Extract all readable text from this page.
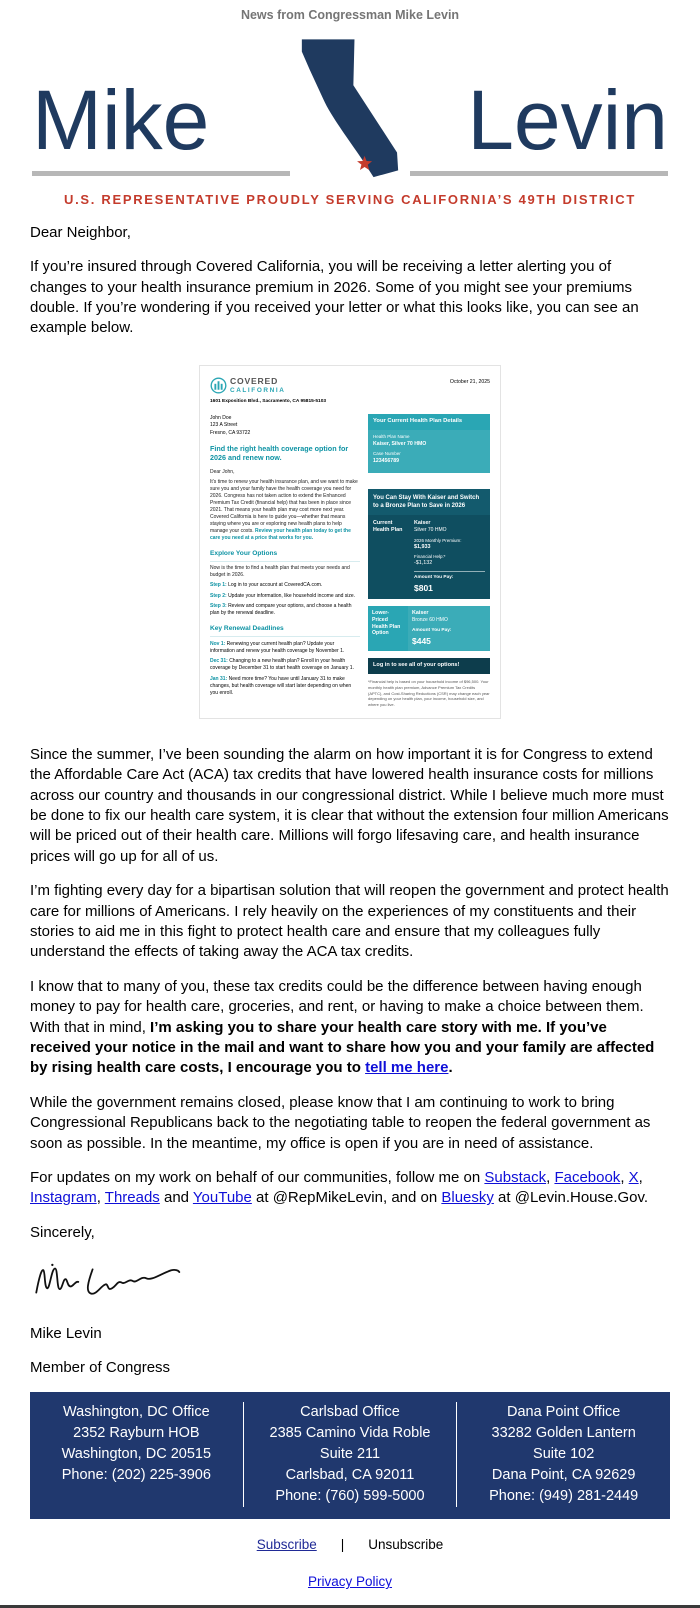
News from Congressman Mike Levin
Mike	Levin
U.S. REPRESENTATIVE PROUDLY SERVING CALIFORNIA’S 49TH DISTRICT

Dear Neighbor,

If you’re insured through Covered California, you will be receiving a letter alerting you of changes to your health insurance premium in 2026. Some of you might see your premiums double. If you’re wondering if you received your letter or what this looks like, you can see an example below.

COVERED
CALIFORNIA
October 21, 2025
1601 Exposition Blvd., Sacramento, CA 95815-5103
John Doe
123 A Street
Fresno, CA 93722
Find the right health coverage option for 2026 and renew now.
Dear John,
It’s time to renew your health insurance plan, and we want to make sure you and your family have the health coverage you need for 2026. Congress has not taken action to extend the Enhanced Premium Tax Credit (financial help) that has been in place since 2021. That means your health plan may cost more next year. Covered California is here to guide you—whether that means staying where you are or exploring new health plans to help manage your costs. Review your health plan today to get the care you need at a price that works for you.
Explore Your Options
Now is the time to find a health plan that meets your needs and budget in 2026.
Step 1: Log in to your account at CoveredCA.com.
Step 2: Update your information, like household income and size.
Step 3: Review and compare your options, and choose a health plan by the renewal deadline.
Key Renewal Deadlines
Nov 1: Renewing your current health plan? Update your information and renew your health coverage by November 1.
Dec 31: Changing to a new health plan? Enroll in your health coverage by December 31 to start health coverage on January 1.
Jan 31: Need more time? You have until January 31 to make changes, but health coverage will start later depending on when you enroll.
Your Current Health Plan Details
Health Plan Name
Kaiser, Silver 70 HMO
Case Number
123456789
You Can Stay With Kaiser and Switch to a Bronze Plan to Save in 2026
Current Health Plan
Kaiser
Silver 70 HMO
2026 Monthly Premium:
$1,933
Financial Help:*
-$1,132
Amount You Pay:
$801
Lower-Priced Health Plan Option
Kaiser
Bronze 60 HMO
Amount You Pay:
$445
Log in to see all of your options!
*Financial help is based on your household income of $96,500. Your monthly health plan premium, Advance Premium Tax Credits (APTC), and Cost-Sharing Reductions (CSR) may change each year depending on your health plan, your income, household size, and where you live.

Since the summer, I’ve been sounding the alarm on how important it is for Congress to extend the Affordable Care Act (ACA) tax credits that have lowered health insurance costs for millions across our country and thousands in our congressional district. While I believe much more must be done to fix our health care system, it is clear that without the extension four million Americans will be priced out of their health care. Millions will forgo lifesaving care, and health insurance prices will go up for all of us.

I’m fighting every day for a bipartisan solution that will reopen the government and protect health care for millions of Americans. I rely heavily on the experiences of my constituents and their stories to aid me in this fight to protect health care and ensure that my colleagues fully understand the effects of taking away the ACA tax credits.

I know that to many of you, these tax credits could be the difference between having enough money to pay for health care, groceries, and rent, or having to make a choice between them. With that in mind, I’m asking you to share your health care story with me. If you’ve received your notice in the mail and want to share how you and your family are affected by rising health care costs, I encourage you to tell me here.

While the government remains closed, please know that I am continuing to work to bring Congressional Republicans back to the negotiating table to reopen the federal government as soon as possible. In the meantime, my office is open if you are in need of assistance.

For updates on my work on behalf of our communities, follow me on Substack, Facebook, X, Instagram, Threads and YouTube at @RepMikeLevin, and on Bluesky at @Levin.House.Gov.

Sincerely,

Mike Levin

Member of Congress

Washington, DC Office
2352 Rayburn HOB
Washington, DC 20515
Phone: (202) 225-3906
Carlsbad Office
2385 Camino Vida Roble
Suite 211
Carlsbad, CA 92011
Phone: (760) 599-5000
Dana Point Office
33282 Golden Lantern
Suite 102
Dana Point, CA 92629
Phone: (949) 281-2449
Subscribe | Unsubscribe
Privacy Policy
